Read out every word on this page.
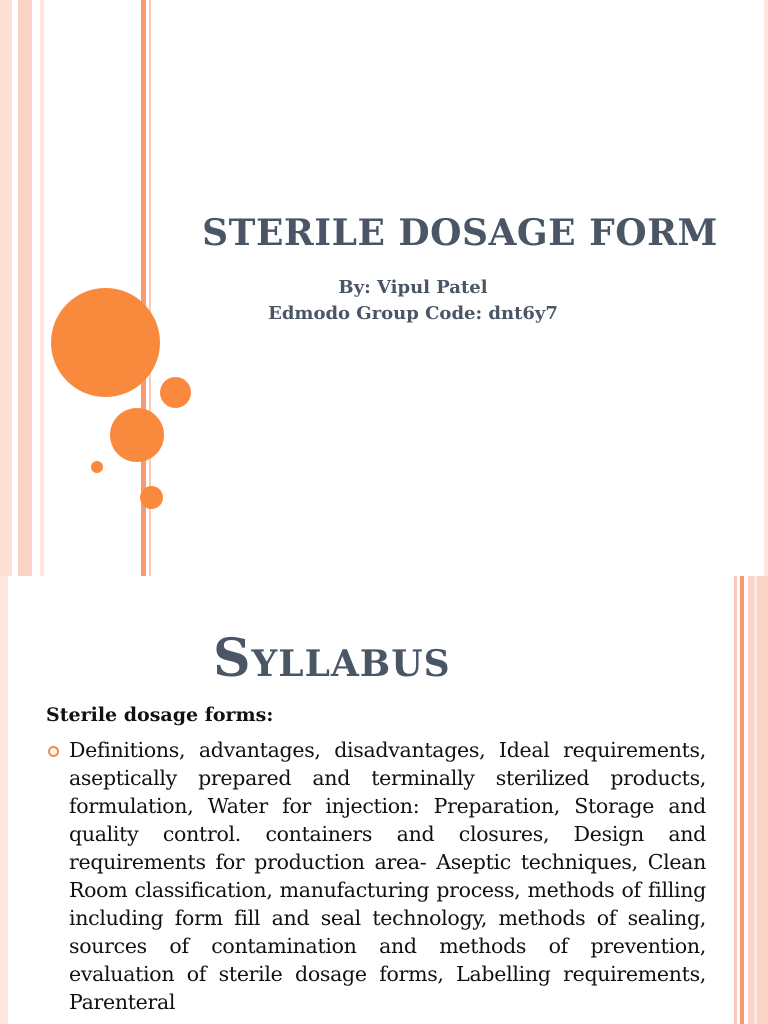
STERILE DOSAGE FORM

By: Vipul Patel

Edmodo Group Code: dnt6y7

Syllabus

Sterile dosage forms:

Definitions, advantages, disadvantages, Ideal requirements, aseptically prepared and terminally sterilized products, formulation, Water for injection: Preparation, Storage and quality control. containers and closures, Design and requirements for production area- Aseptic techniques, Clean Room classification, manufacturing process, methods of filling including form fill and seal technology, methods of sealing, sources of contamination and methods of prevention, evaluation of sterile dosage forms, Labelling requirements, Parenteral
